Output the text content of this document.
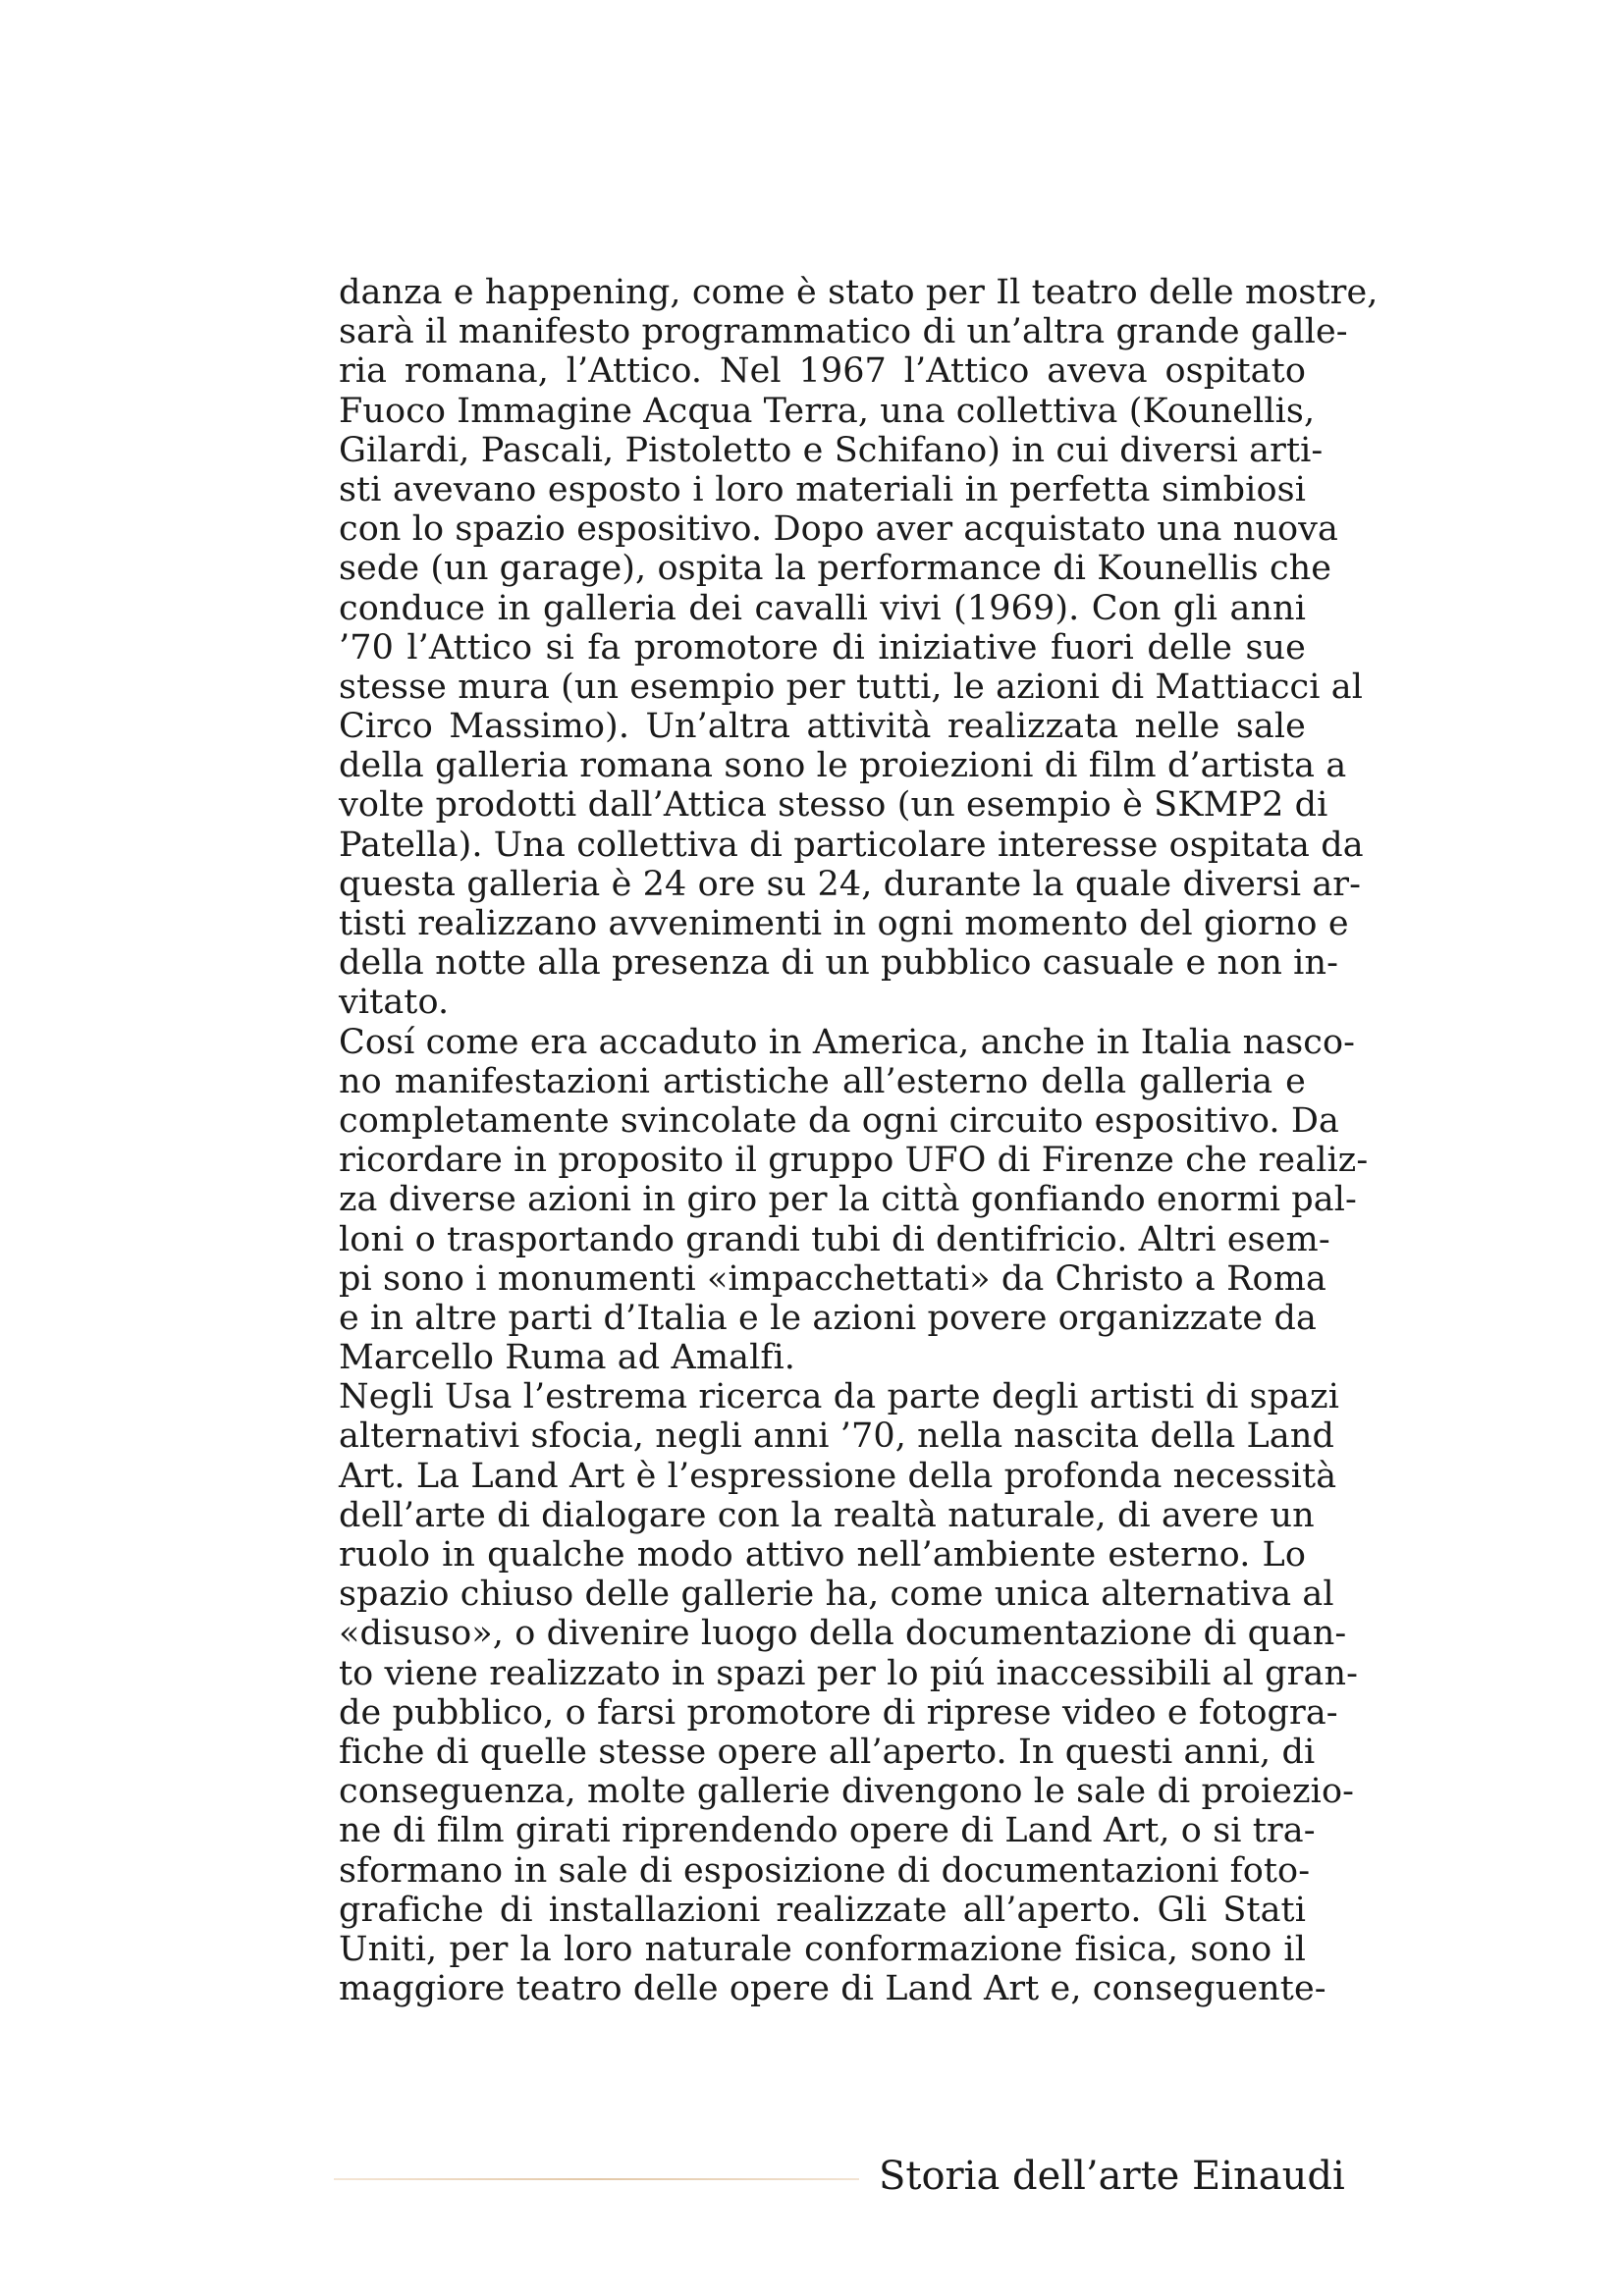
danza e happening, come è stato per Il teatro delle mostre,
sarà il manifesto programmatico di un’altra grande galle-
ria romana, l’Attico. Nel 1967 l’Attico aveva ospitato
Fuoco Immagine Acqua Terra, una collettiva (Kounellis,
Gilardi, Pascali, Pistoletto e Schifano) in cui diversi arti-
sti avevano esposto i loro materiali in perfetta simbiosi
con lo spazio espositivo. Dopo aver acquistato una nuova
sede (un garage), ospita la performance di Kounellis che
conduce in galleria dei cavalli vivi (1969). Con gli anni
’70 l’Attico si fa promotore di iniziative fuori delle sue
stesse mura (un esempio per tutti, le azioni di Mattiacci al
Circo Massimo). Un’altra attività realizzata nelle sale
della galleria romana sono le proiezioni di film d’artista a
volte prodotti dall’Attica stesso (un esempio è SKMP2 di
Patella). Una collettiva di particolare interesse ospitata da
questa galleria è 24 ore su 24, durante la quale diversi ar-
tisti realizzano avvenimenti in ogni momento del giorno e
della notte alla presenza di un pubblico casuale e non in-
vitato.
Cosí come era accaduto in America, anche in Italia nasco-
no manifestazioni artistiche all’esterno della galleria e
completamente svincolate da ogni circuito espositivo. Da
ricordare in proposito il gruppo UFO di Firenze che realiz-
za diverse azioni in giro per la città gonfiando enormi pal-
loni o trasportando grandi tubi di dentifricio. Altri esem-
pi sono i monumenti «impacchettati» da Christo a Roma
e in altre parti d’Italia e le azioni povere organizzate da
Marcello Ruma ad Amalfi.
Negli Usa l’estrema ricerca da parte degli artisti di spazi
alternativi sfocia, negli anni ’70, nella nascita della Land
Art. La Land Art è l’espressione della profonda necessità
dell’arte di dialogare con la realtà naturale, di avere un
ruolo in qualche modo attivo nell’ambiente esterno. Lo
spazio chiuso delle gallerie ha, come unica alternativa al
«disuso», o divenire luogo della documentazione di quan-
to viene realizzato in spazi per lo piú inaccessibili al gran-
de pubblico, o farsi promotore di riprese video e fotogra-
fiche di quelle stesse opere all’aperto. In questi anni, di
conseguenza, molte gallerie divengono le sale di proiezio-
ne di film girati riprendendo opere di Land Art, o si tra-
sformano in sale di esposizione di documentazioni foto-
grafiche di installazioni realizzate all’aperto. Gli Stati
Uniti, per la loro naturale conformazione fisica, sono il
maggiore teatro delle opere di Land Art e, conseguente-
Storia dell’arte Einaudi
